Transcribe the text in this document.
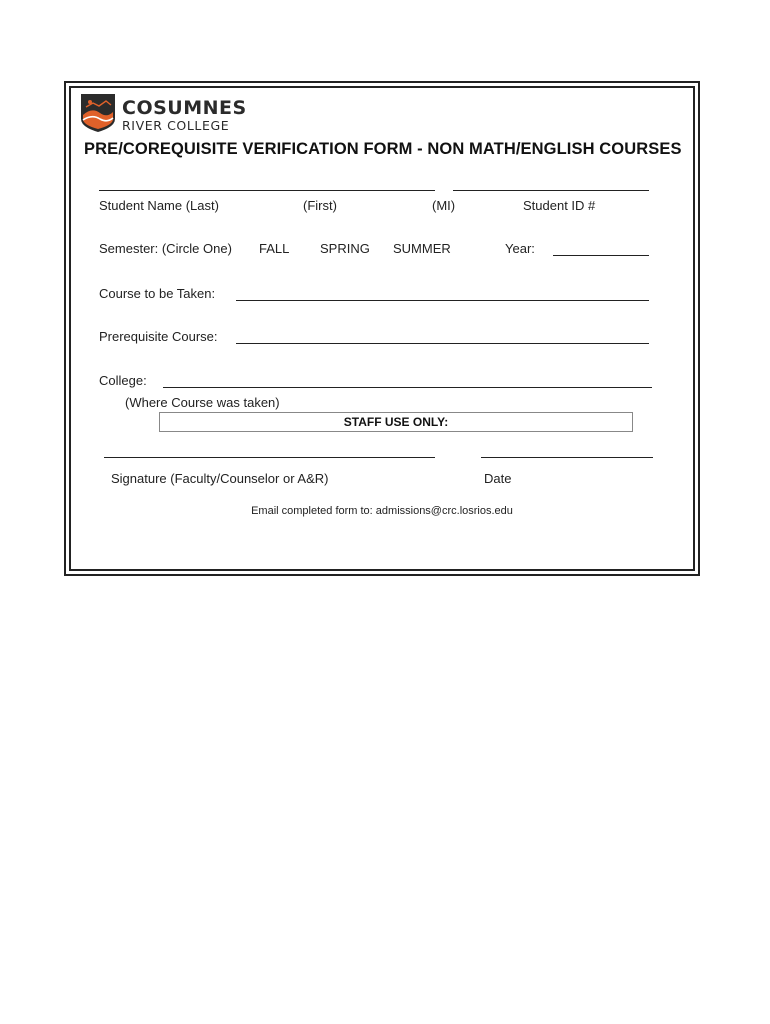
COSUMNES
RIVER COLLEGE
PRE/COREQUISITE VERIFICATION FORM - NON MATH/ENGLISH COURSES
Student Name (Last)	(First)	(MI)	Student ID #
Semester: (Circle One) FALL SPRING SUMMER	Year:
Course to be Taken:
Prerequisite Course:
College:
(Where Course was taken)
STAFF USE ONLY:
Signature (Faculty/Counselor or A&R)	Date
Email completed form to: admissions@crc.losrios.edu
